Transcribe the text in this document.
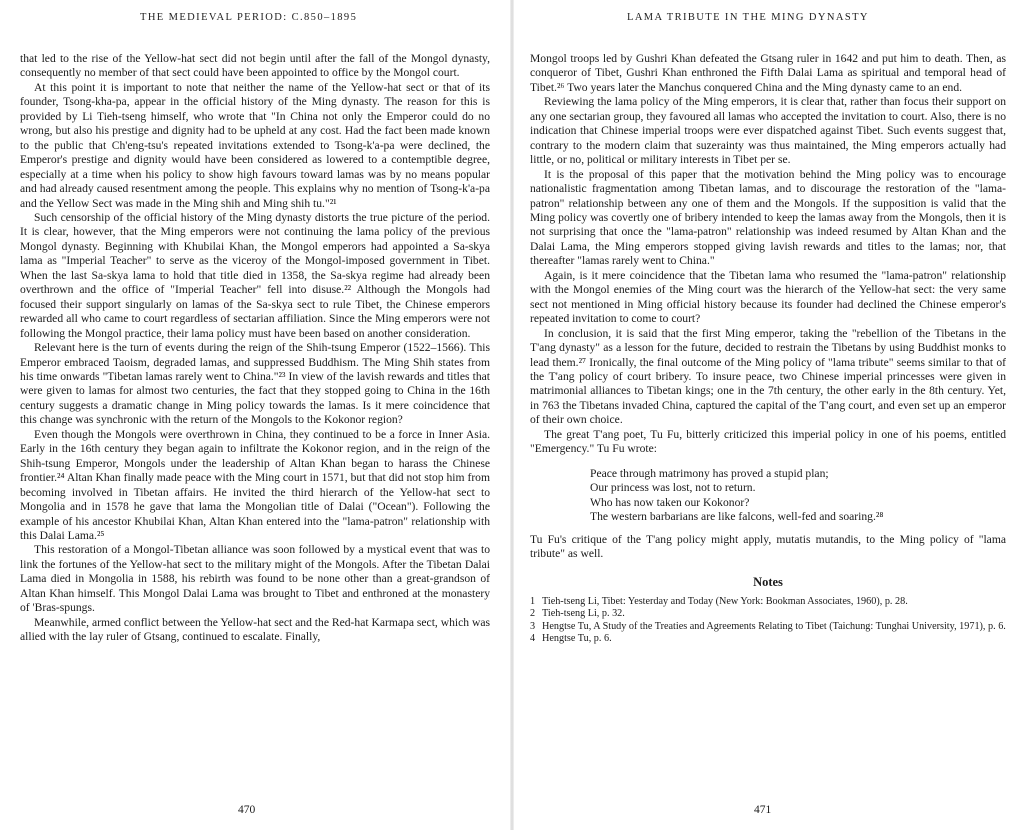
THE MEDIEVAL PERIOD: C.850–1895

that led to the rise of the Yellow-hat sect did not begin until after the fall of the Mongol dynasty, consequently no member of that sect could have been appointed to office by the Mongol court.

At this point it is important to note that neither the name of the Yellow-hat sect or that of its founder, Tsong-kha-pa, appear in the official history of the Ming dynasty. The reason for this is provided by Li Tieh-tseng himself, who wrote that "In China not only the Emperor could do no wrong, but also his prestige and dignity had to be upheld at any cost. Had the fact been made known to the public that Ch'eng-tsu's repeated invitations extended to Tsong-k'a-pa were declined, the Emperor's prestige and dignity would have been considered as lowered to a contemptible degree, especially at a time when his policy to show high favours toward lamas was by no means popular and had already caused resentment among the people. This explains why no mention of Tsong-k'a-pa and the Yellow Sect was made in the Ming shih and Ming shih tu."²¹

Such censorship of the official history of the Ming dynasty distorts the true picture of the period. It is clear, however, that the Ming emperors were not continuing the lama policy of the previous Mongol dynasty. Beginning with Khubilai Khan, the Mongol emperors had appointed a Sa-skya lama as "Imperial Teacher" to serve as the viceroy of the Mongol-imposed government in Tibet. When the last Sa-skya lama to hold that title died in 1358, the Sa-skya regime had already been overthrown and the office of "Imperial Teacher" fell into disuse.²² Although the Mongols had focused their support singularly on lamas of the Sa-skya sect to rule Tibet, the Chinese emperors rewarded all who came to court regardless of sectarian affiliation. Since the Ming emperors were not following the Mongol practice, their lama policy must have been based on another consideration.

Relevant here is the turn of events during the reign of the Shih-tsung Emperor (1522–1566). This Emperor embraced Taoism, degraded lamas, and suppressed Buddhism. The Ming Shih states from his time onwards "Tibetan lamas rarely went to China."²³ In view of the lavish rewards and titles that were given to lamas for almost two centuries, the fact that they stopped going to China in the 16th century suggests a dramatic change in Ming policy towards the lamas. Is it mere coincidence that this change was synchronic with the return of the Mongols to the Kokonor region?

Even though the Mongols were overthrown in China, they continued to be a force in Inner Asia. Early in the 16th century they began again to infiltrate the Kokonor region, and in the reign of the Shih-tsung Emperor, Mongols under the leadership of Altan Khan began to harass the Chinese frontier.²⁴ Altan Khan finally made peace with the Ming court in 1571, but that did not stop him from becoming involved in Tibetan affairs. He invited the third hierarch of the Yellow-hat sect to Mongolia and in 1578 he gave that lama the Mongolian title of Dalai ("Ocean"). Following the example of his ancestor Khubilai Khan, Altan Khan entered into the "lama-patron" relationship with this Dalai Lama.²⁵

This restoration of a Mongol-Tibetan alliance was soon followed by a mystical event that was to link the fortunes of the Yellow-hat sect to the military might of the Mongols. After the Tibetan Dalai Lama died in Mongolia in 1588, his rebirth was found to be none other than a great-grandson of Altan Khan himself. This Mongol Dalai Lama was brought to Tibet and enthroned at the monastery of 'Bras-spungs.

Meanwhile, armed conflict between the Yellow-hat sect and the Red-hat Karmapa sect, which was allied with the lay ruler of Gtsang, continued to escalate. Finally,

470
LAMA TRIBUTE IN THE MING DYNASTY

Mongol troops led by Gushri Khan defeated the Gtsang ruler in 1642 and put him to death. Then, as conqueror of Tibet, Gushri Khan enthroned the Fifth Dalai Lama as spiritual and temporal head of Tibet.²⁶ Two years later the Manchus conquered China and the Ming dynasty came to an end.

Reviewing the lama policy of the Ming emperors, it is clear that, rather than focus their support on any one sectarian group, they favoured all lamas who accepted the invitation to court. Also, there is no indication that Chinese imperial troops were ever dispatched against Tibet. Such events suggest that, contrary to the modern claim that suzerainty was thus maintained, the Ming emperors actually had little, or no, political or military interests in Tibet per se.

It is the proposal of this paper that the motivation behind the Ming policy was to encourage nationalistic fragmentation among Tibetan lamas, and to discourage the restoration of the "lama-patron" relationship between any one of them and the Mongols. If the supposition is valid that the Ming policy was covertly one of bribery intended to keep the lamas away from the Mongols, then it is not surprising that once the "lama-patron" relationship was indeed resumed by Altan Khan and the Dalai Lama, the Ming emperors stopped giving lavish rewards and titles to the lamas; nor, that thereafter "lamas rarely went to China."

Again, is it mere coincidence that the Tibetan lama who resumed the "lama-patron" relationship with the Mongol enemies of the Ming court was the hierarch of the Yellow-hat sect: the very same sect not mentioned in Ming official history because its founder had declined the Chinese emperor's repeated invitation to come to court?

In conclusion, it is said that the first Ming emperor, taking the "rebellion of the Tibetans in the T'ang dynasty" as a lesson for the future, decided to restrain the Tibetans by using Buddhist monks to lead them.²⁷ Ironically, the final outcome of the Ming policy of "lama tribute" seems similar to that of the T'ang policy of court bribery. To insure peace, two Chinese imperial princesses were given in matrimonial alliances to Tibetan kings; one in the 7th century, the other early in the 8th century. Yet, in 763 the Tibetans invaded China, captured the capital of the T'ang court, and even set up an emperor of their own choice.

The great T'ang poet, Tu Fu, bitterly criticized this imperial policy in one of his poems, entitled "Emergency." Tu Fu wrote:

Peace through matrimony has proved a stupid plan;
Our princess was lost, not to return.
Who has now taken our Kokonor?
The western barbarians are like falcons, well-fed and soaring.²⁸

Tu Fu's critique of the T'ang policy might apply, mutatis mutandis, to the Ming policy of "lama tribute" as well.

Notes
1 Tieh-tseng Li, Tibet: Yesterday and Today (New York: Bookman Associates, 1960), p. 28.
2 Tieh-tseng Li, p. 32.
3 Hengtse Tu, A Study of the Treaties and Agreements Relating to Tibet (Taichung: Tunghai University, 1971), p. 6.
4 Hengtse Tu, p. 6.
471
